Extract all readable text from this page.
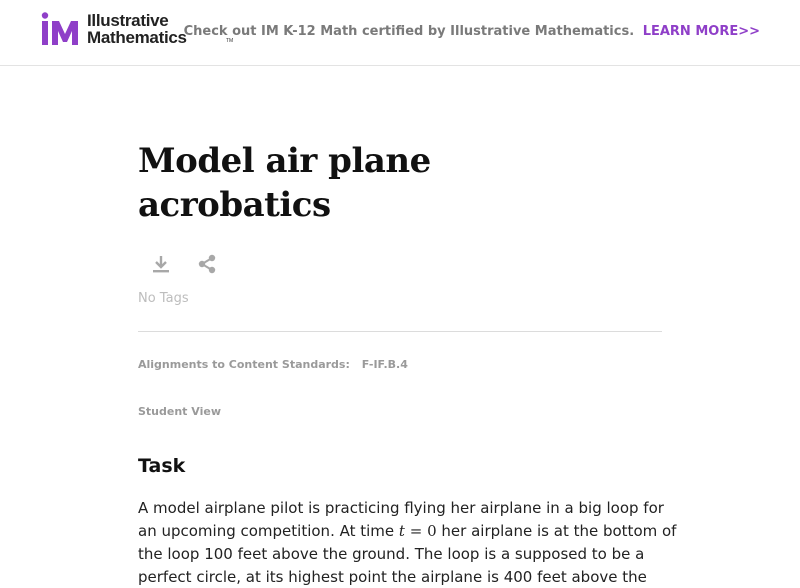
Illustrative
Mathematics	TM
Check out IM K-12 Math certified by Illustrative Mathematics. LEARN MORE>>
Model air plane
acrobatics
No Tags
Alignments to Content Standards: F-IF.B.4
Student View
Task
A model airplane pilot is practicing flying her airplane in a big loop for
an upcoming competition. At time t = 0 her airplane is at the bottom of
the loop 100 feet above the ground. The loop is a supposed to be a
perfect circle, at its highest point the airplane is 400 feet above the
